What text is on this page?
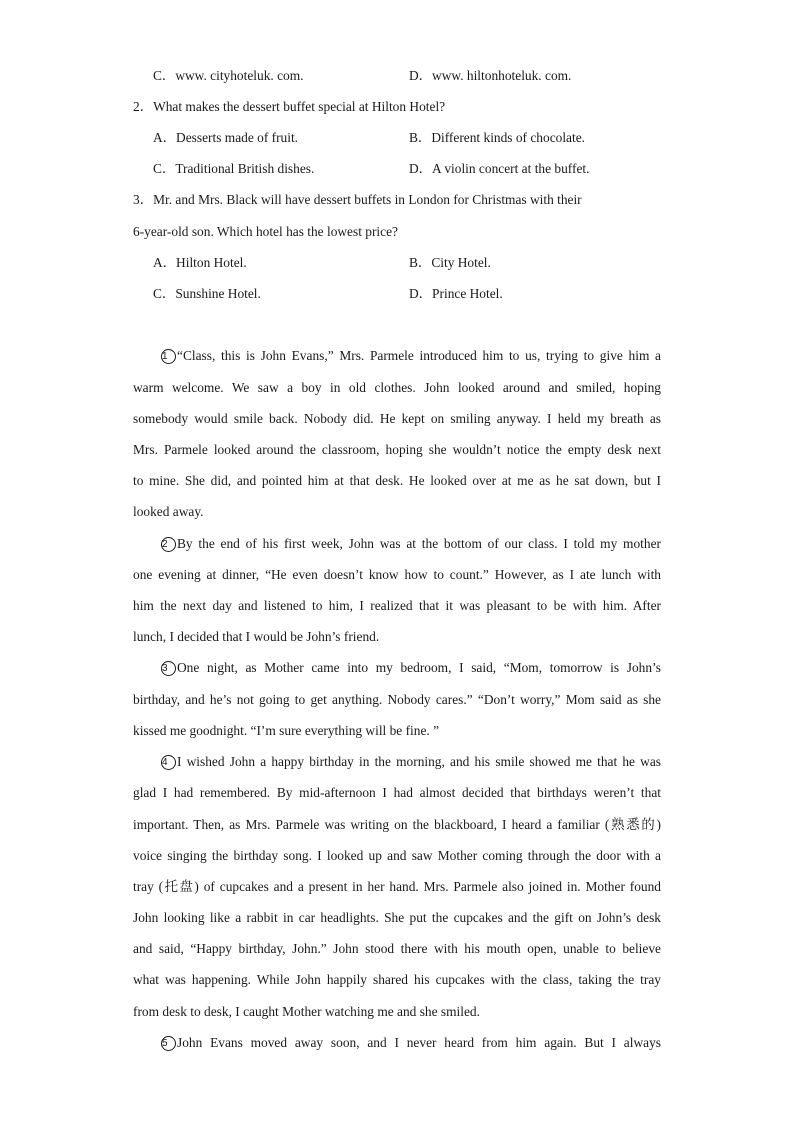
C．www. cityhoteluk. com.	D．www. hiltonhoteluk. com.
2．What makes the dessert buffet special at Hilton Hotel?
A．Desserts made of fruit.	B．Different kinds of chocolate.
C．Traditional British dishes.	D．A violin concert at the buffet.
3．Mr. and Mrs. Black will have dessert buffets in London for Christmas with their
6-year-old son. Which hotel has the lowest price?
A．Hilton Hotel.	B．City Hotel.
C．Sunshine Hotel.	D．Prince Hotel.
1 “Class, this is John Evans,” Mrs. Parmele introduced him to us, trying to give him a
warm welcome. We saw a boy in old clothes. John looked around and smiled, hoping
somebody would smile back. Nobody did. He kept on smiling anyway. I held my breath as
Mrs. Parmele looked around the classroom, hoping she wouldn’t notice the empty desk next
to mine. She did, and pointed him at that desk. He looked over at me as he sat down, but I
looked away.
2 By the end of his first week, John was at the bottom of our class. I told my mother
one evening at dinner, “He even doesn’t know how to count.” However, as I ate lunch with
him the next day and listened to him, I realized that it was pleasant to be with him. After
lunch, I decided that I would be John’s friend.
3 One night, as Mother came into my bedroom, I said, “Mom, tomorrow is John’s
birthday, and he’s not going to get anything. Nobody cares.” “Don’t worry,” Mom said as she
kissed me goodnight. “I’m sure everything will be fine. ”
4 I wished John a happy birthday in the morning, and his smile showed me that he was
glad I had remembered. By mid-afternoon I had almost decided that birthdays weren’t that
important. Then, as Mrs. Parmele was writing on the blackboard, I heard a familiar (熟悉的)
voice singing the birthday song. I looked up and saw Mother coming through the door with a
tray (托盘) of cupcakes and a present in her hand. Mrs. Parmele also joined in. Mother found
John looking like a rabbit in car headlights. She put the cupcakes and the gift on John’s desk
and said, “Happy birthday, John.” John stood there with his mouth open, unable to believe
what was happening. While John happily shared his cupcakes with the class, taking the tray
from desk to desk, I caught Mother watching me and she smiled.
5 John Evans moved away soon, and I never heard from him again. But I always
